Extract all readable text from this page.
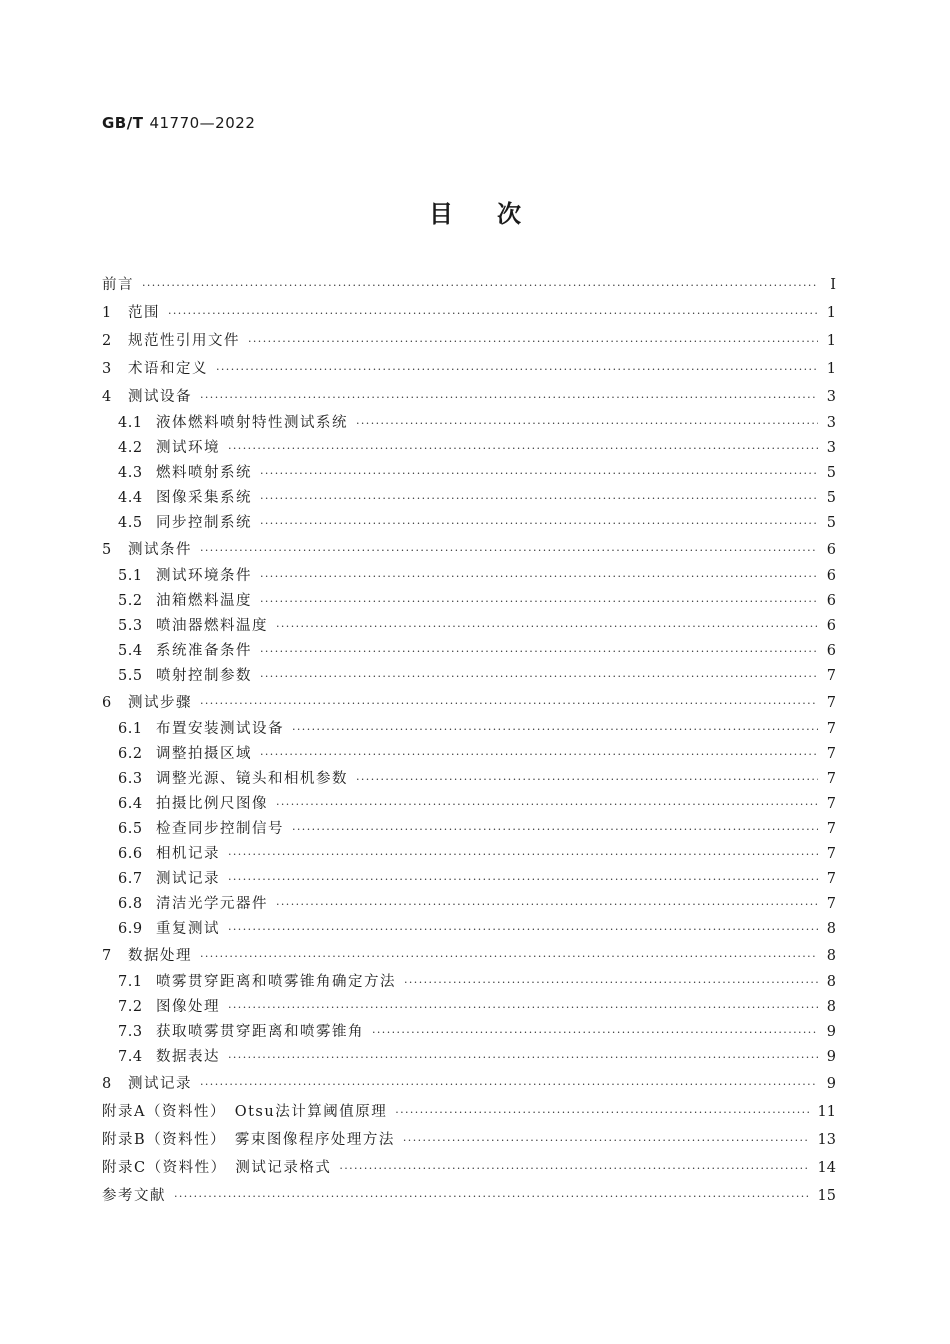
GB/T 41770—2022
目 次
前言 ·····	Ⅰ
1 范围 ·····	1
2 规范性引用文件 ·····	1
3 术语和定义 ·····	1
4 测试设备 ·····	3
4.1 液体燃料喷射特性测试系统 ·····	3
4.2 测试环境 ·····	3
4.3 燃料喷射系统 ·····	5
4.4 图像采集系统 ·····	5
4.5 同步控制系统 ·····	5
5 测试条件 ·····	6
5.1 测试环境条件 ·····	6
5.2 油箱燃料温度 ·····	6
5.3 喷油器燃料温度 ·····	6
5.4 系统准备条件 ·····	6
5.5 喷射控制参数 ·····	7
6 测试步骤 ·····	7
6.1 布置安装测试设备 ·····	7
6.2 调整拍摄区域 ·····	7
6.3 调整光源、镜头和相机参数 ·····	7
6.4 拍摄比例尺图像 ·····	7
6.5 检查同步控制信号 ·····	7
6.6 相机记录 ·····	7
6.7 测试记录 ·····	7
6.8 清洁光学元器件 ·····	7
6.9 重复测试 ·····	8
7 数据处理 ·····	8
7.1 喷雾贯穿距离和喷雾锥角确定方法 ·····	8
7.2 图像处理 ·····	8
7.3 获取喷雾贯穿距离和喷雾锥角 ·····	9
7.4 数据表达 ·····	9
8 测试记录 ·····	9
附录A（资料性）　Otsu法计算阈值原理 ·····	11
附录B（资料性）　雾束图像程序处理方法 ·····	13
附录C（资料性）　测试记录格式 ·····	14
参考文献 ·····	15
